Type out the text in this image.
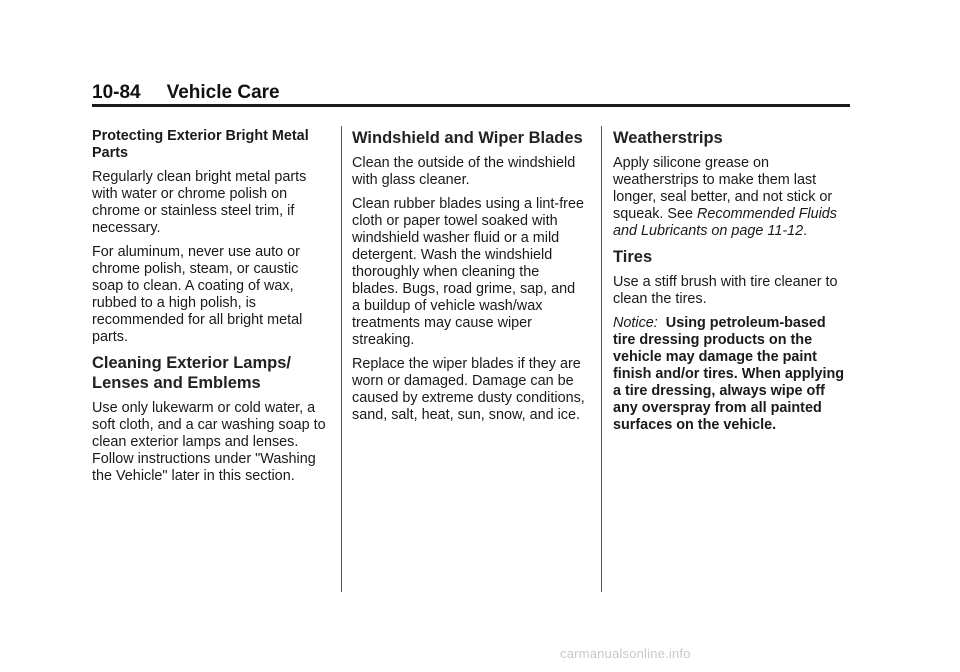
10-84 Vehicle Care

Protecting Exterior Bright Metal Parts

Regularly clean bright metal parts with water or chrome polish on chrome or stainless steel trim, if necessary.

For aluminum, never use auto or chrome polish, steam, or caustic soap to clean. A coating of wax, rubbed to a high polish, is recommended for all bright metal parts.

Cleaning Exterior Lamps/ Lenses and Emblems

Use only lukewarm or cold water, a soft cloth, and a car washing soap to clean exterior lamps and lenses. Follow instructions under "Washing the Vehicle" later in this section.

Windshield and Wiper Blades

Clean the outside of the windshield with glass cleaner.

Clean rubber blades using a lint-free cloth or paper towel soaked with windshield washer fluid or a mild detergent. Wash the windshield thoroughly when cleaning the blades. Bugs, road grime, sap, and a buildup of vehicle wash/wax treatments may cause wiper streaking.

Replace the wiper blades if they are worn or damaged. Damage can be caused by extreme dusty conditions, sand, salt, heat, sun, snow, and ice.

Weatherstrips

Apply silicone grease on weatherstrips to make them last longer, seal better, and not stick or squeak. See Recommended Fluids and Lubricants on page 11-12.

Tires

Use a stiff brush with tire cleaner to clean the tires.

Notice: Using petroleum-based tire dressing products on the vehicle may damage the paint finish and/or tires. When applying a tire dressing, always wipe off any overspray from all painted surfaces on the vehicle.

carmanualsonline.info
